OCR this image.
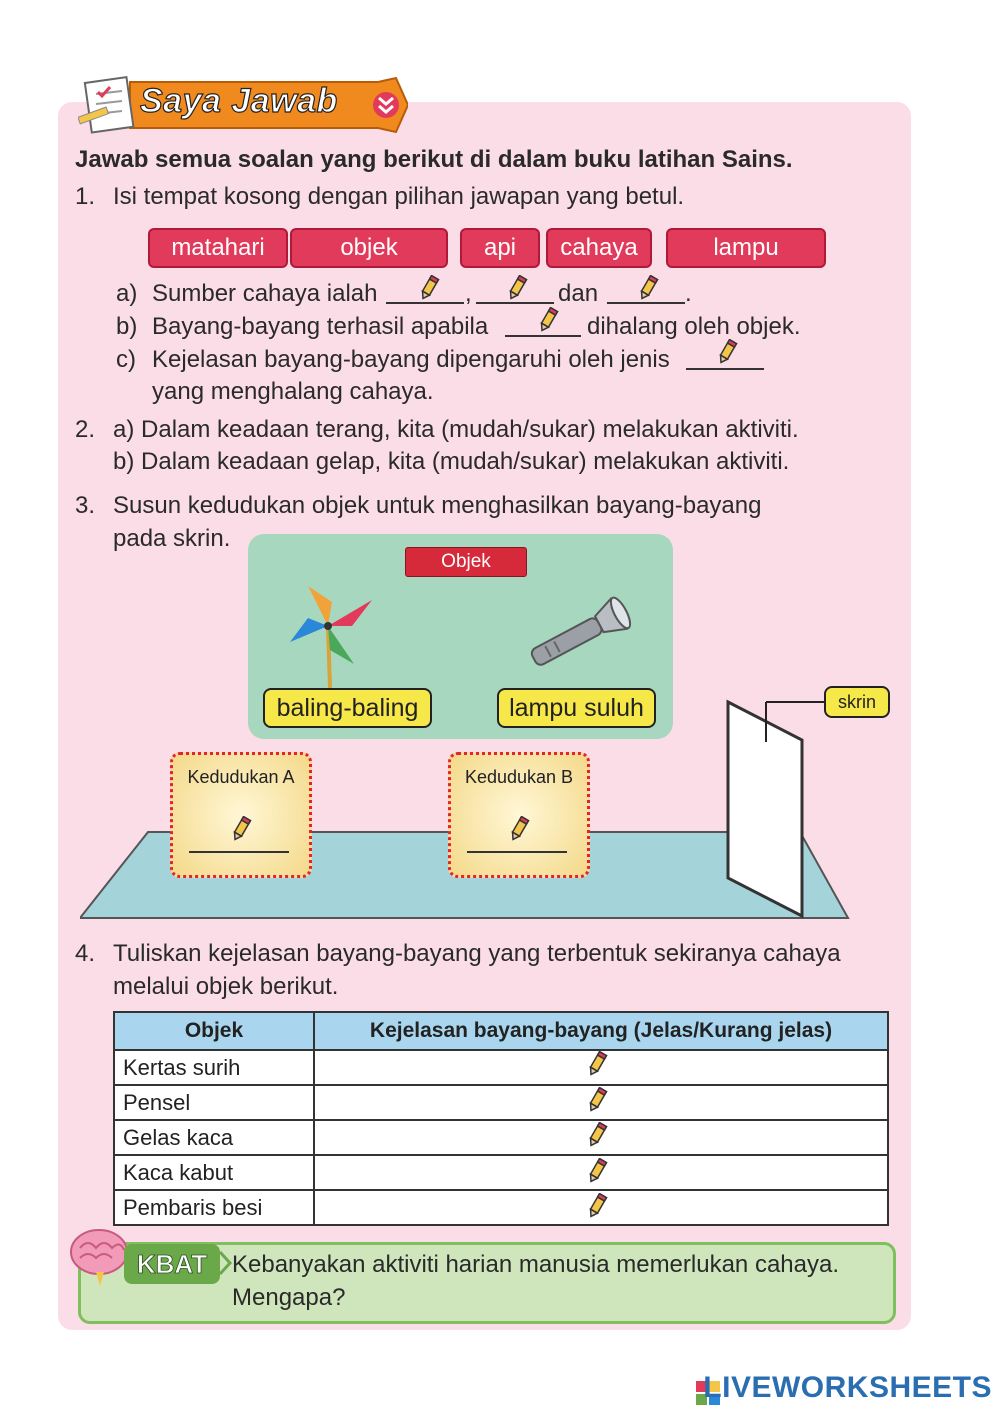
Saya Jawab
Jawab semua soalan yang berikut di dalam buku latihan Sains.
1. Isi tempat kosong dengan pilihan jawapan yang betul.
matahari	objek	api	cahaya	lampu
a) Sumber cahaya ialah	,	dan	.
b) Bayang-bayang terhasil apabila	dihalang oleh objek.
c) Kejelasan bayang-bayang dipengaruhi oleh jenis
yang menghalang cahaya.
2. a) Dalam keadaan terang, kita (mudah/sukar) melakukan aktiviti.
b) Dalam keadaan gelap, kita (mudah/sukar) melakukan aktiviti.
3. Susun kedudukan objek untuk menghasilkan bayang-bayang
pada skrin.
skrin
Objek
baling-baling	lampu suluh
Kedudukan A	Kedudukan B
4. Tuliskan kejelasan bayang-bayang yang terbentuk sekiranya cahaya
melalui objek berikut.
Objek	Kejelasan bayang-bayang (Jelas/Kurang jelas)
Kertas surih	
Pensel	
Gelas kaca	
Kaca kabut	
Pembaris besi	
KBAT	Kebanyakan aktiviti harian manusia memerlukan cahaya.
Mengapa?
LIVEWORKSHEETS
